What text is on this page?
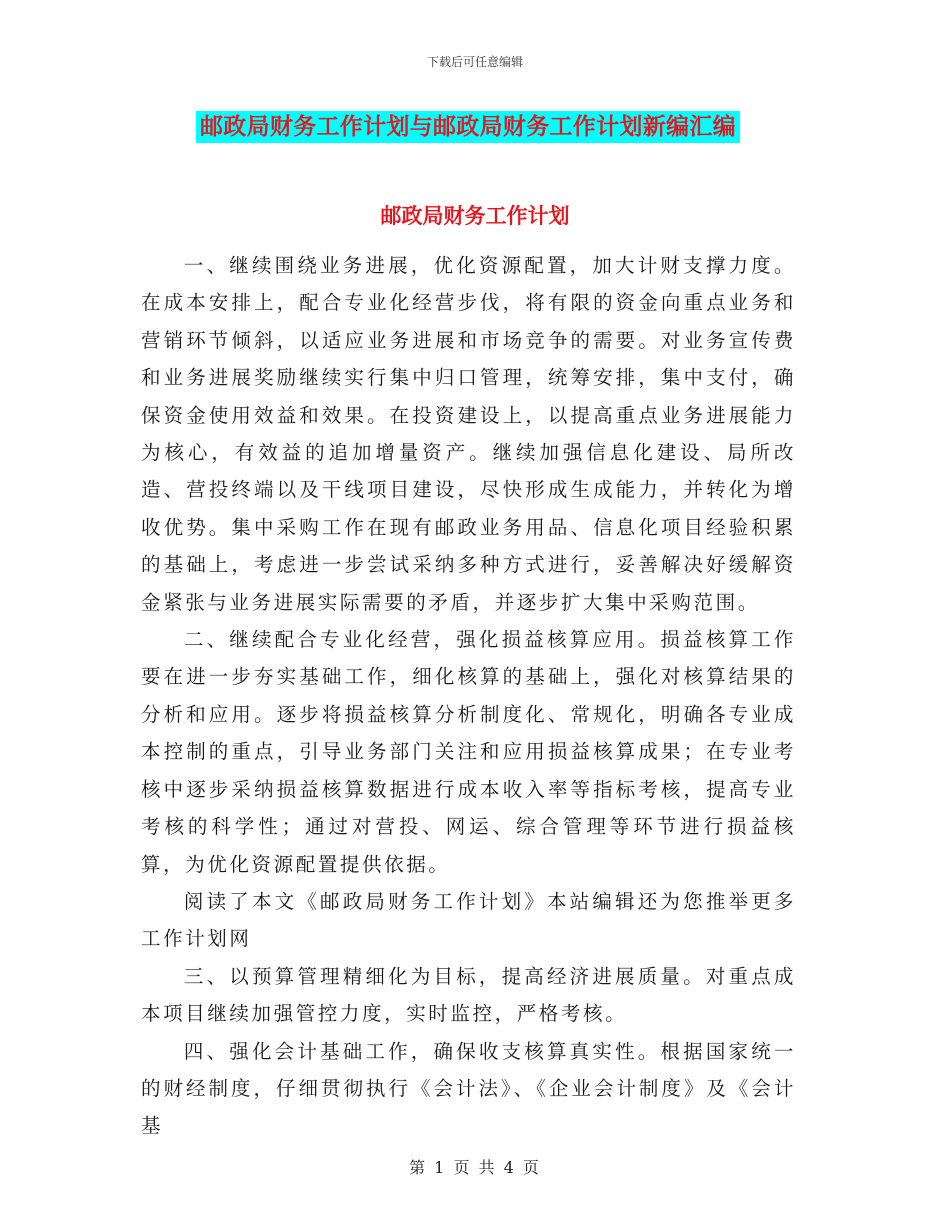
下载后可任意编辑
邮政局财务工作计划与邮政局财务工作计划新编汇编
邮政局财务工作计划

一、继续围绕业务进展，优化资源配置，加大计财支撑力度。在成本安排上，配合专业化经营步伐，将有限的资金向重点业务和营销环节倾斜，以适应业务进展和市场竞争的需要。对业务宣传费和业务进展奖励继续实行集中归口管理，统筹安排，集中支付，确保资金使用效益和效果。在投资建设上，以提高重点业务进展能力为核心，有效益的追加增量资产。继续加强信息化建设、局所改造、营投终端以及干线项目建设，尽快形成生成能力，并转化为增收优势。集中采购工作在现有邮政业务用品、信息化项目经验积累的基础上，考虑进一步尝试采纳多种方式进行，妥善解决好缓解资金紧张与业务进展实际需要的矛盾，并逐步扩大集中采购范围。

二、继续配合专业化经营，强化损益核算应用。损益核算工作要在进一步夯实基础工作，细化核算的基础上，强化对核算结果的分析和应用。逐步将损益核算分析制度化、常规化，明确各专业成本控制的重点，引导业务部门关注和应用损益核算成果；在专业考核中逐步采纳损益核算数据进行成本收入率等指标考核，提高专业考核的科学性；通过对营投、网运、综合管理等环节进行损益核算，为优化资源配置提供依据。

阅读了本文《邮政局财务工作计划》本站编辑还为您推举更多工作计划网

三、以预算管理精细化为目标，提高经济进展质量。对重点成本项目继续加强管控力度，实时监控，严格考核。

四、强化会计基础工作，确保收支核算真实性。根据国家统一的财经制度，仔细贯彻执行《会计法》、《企业会计制度》及《会计基

第 1 页 共 4 页
